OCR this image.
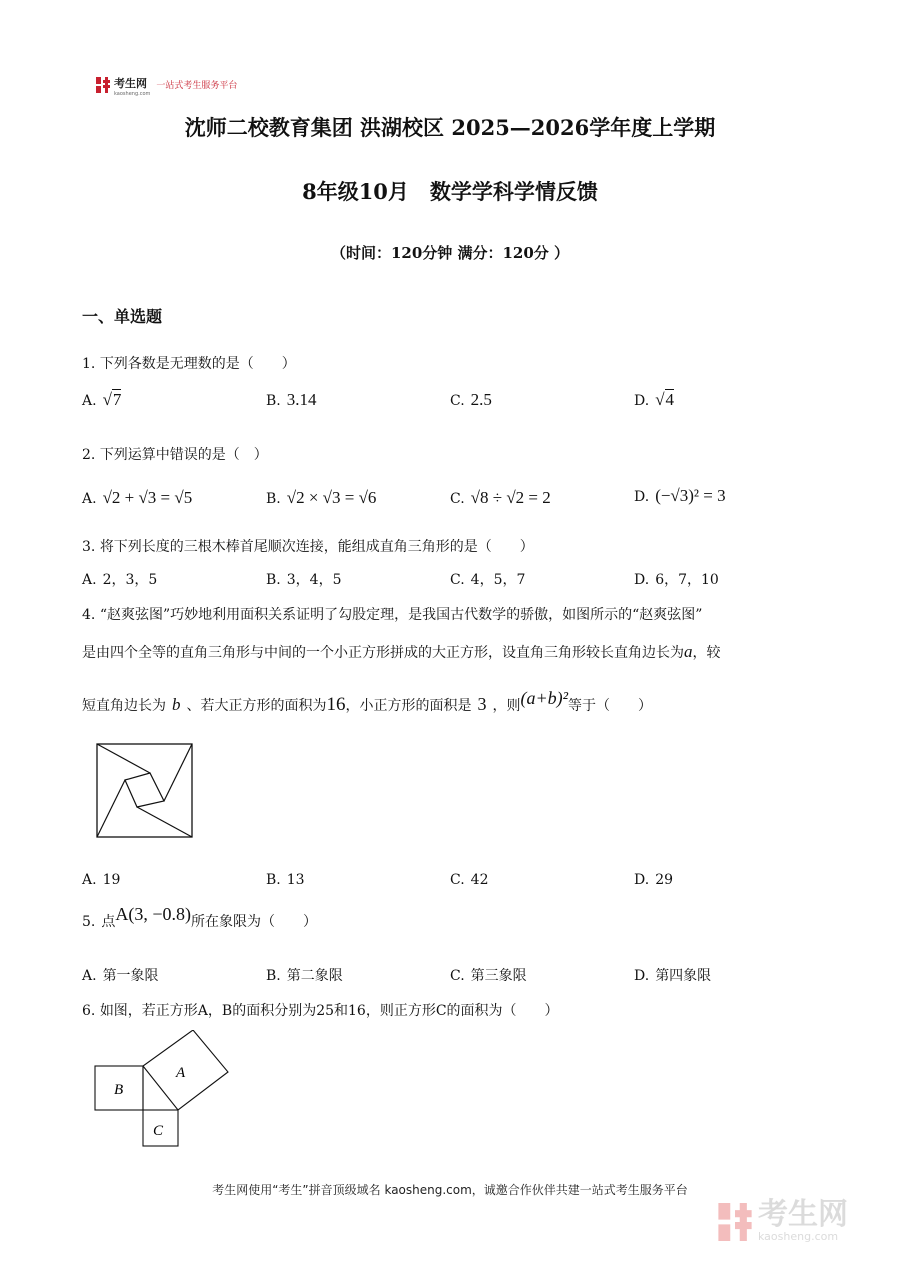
考生网
kaosheng.com
一站式考生服务平台
沈师二校教育集团 洪湖校区 2025—2026学年度上学期
8年级10月　数学学科学情反馈
（时间：120分钟 满分：120分 ）
一、单选题
1. 下列各数是无理数的是（　　）
A. √7	B. 3.14	C. 2.5	D. √4
2. 下列运算中错误的是（　）
A. √2 + √3 = √5	B. √2 × √3 = √6	C. √8 ÷ √2 = 2	D. (−√3)² = 3
3. 将下列长度的三根木棒首尾顺次连接，能组成直角三角形的是（　　）
A. 2，3，5	B. 3，4，5	C. 4，5，7	D. 6，7，10
4. “赵爽弦图”巧妙地利用面积关系证明了勾股定理，是我国古代数学的骄傲，如图所示的“赵爽弦图”
是由四个全等的直角三角形与中间的一个小正方形拼成的大正方形，设直角三角形较长直角边长为a，较
短直角边长为 b 、若大正方形的面积为 16 ，小正方形的面积是 3 ，则 (a+b)² 等于（　　）
A. 19	B. 13	C. 42	D. 29
5. 点 A(3, −0.8) 所在象限为（　　）
A. 第一象限	B. 第二象限	C. 第三象限	D. 第四象限
6. 如图，若正方形A，B的面积分别为25和16，则正方形C的面积为（　　）
B
A
C
考生网使用“考生”拼音顶级域名 kaosheng.com，诚邀合作伙伴共建一站式考生服务平台
考生网
kaosheng.com
